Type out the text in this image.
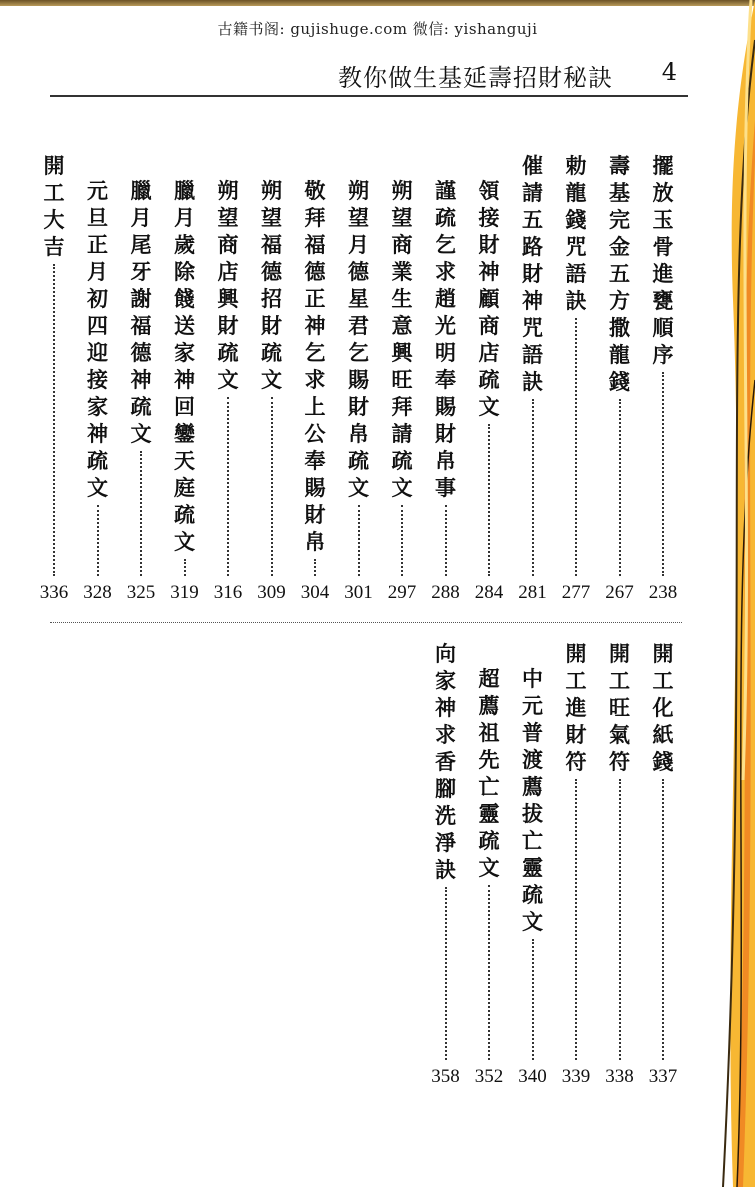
古籍书阁: gujishuge.com 微信: yishanguji
教你做生基延壽招財秘訣 4
擺放玉骨進甕順序
238
壽基完金五方撒龍錢
267
勅龍錢咒語訣
277
催請五路財神咒語訣
281
領接財神顧商店疏文
284
謹疏乞求趙光明奉賜財帛事
288
朔望商業生意興旺拜請疏文
297
朔望月德星君乞賜財帛疏文
301
敬拜福德正神乞求上公奉賜財帛
304
朔望福德招財疏文
309
朔望商店興財疏文
316
臘月歲除餞送家神回鑾天庭疏文
319
臘月尾牙謝福德神疏文
325
元旦正月初四迎接家神疏文
328
開工大吉
336
開工化紙錢
337
開工旺氣符
338
開工進財符
339
中元普渡薦拔亡靈疏文
340
超薦祖先亡靈疏文
352
向家神求香腳洗淨訣
358
